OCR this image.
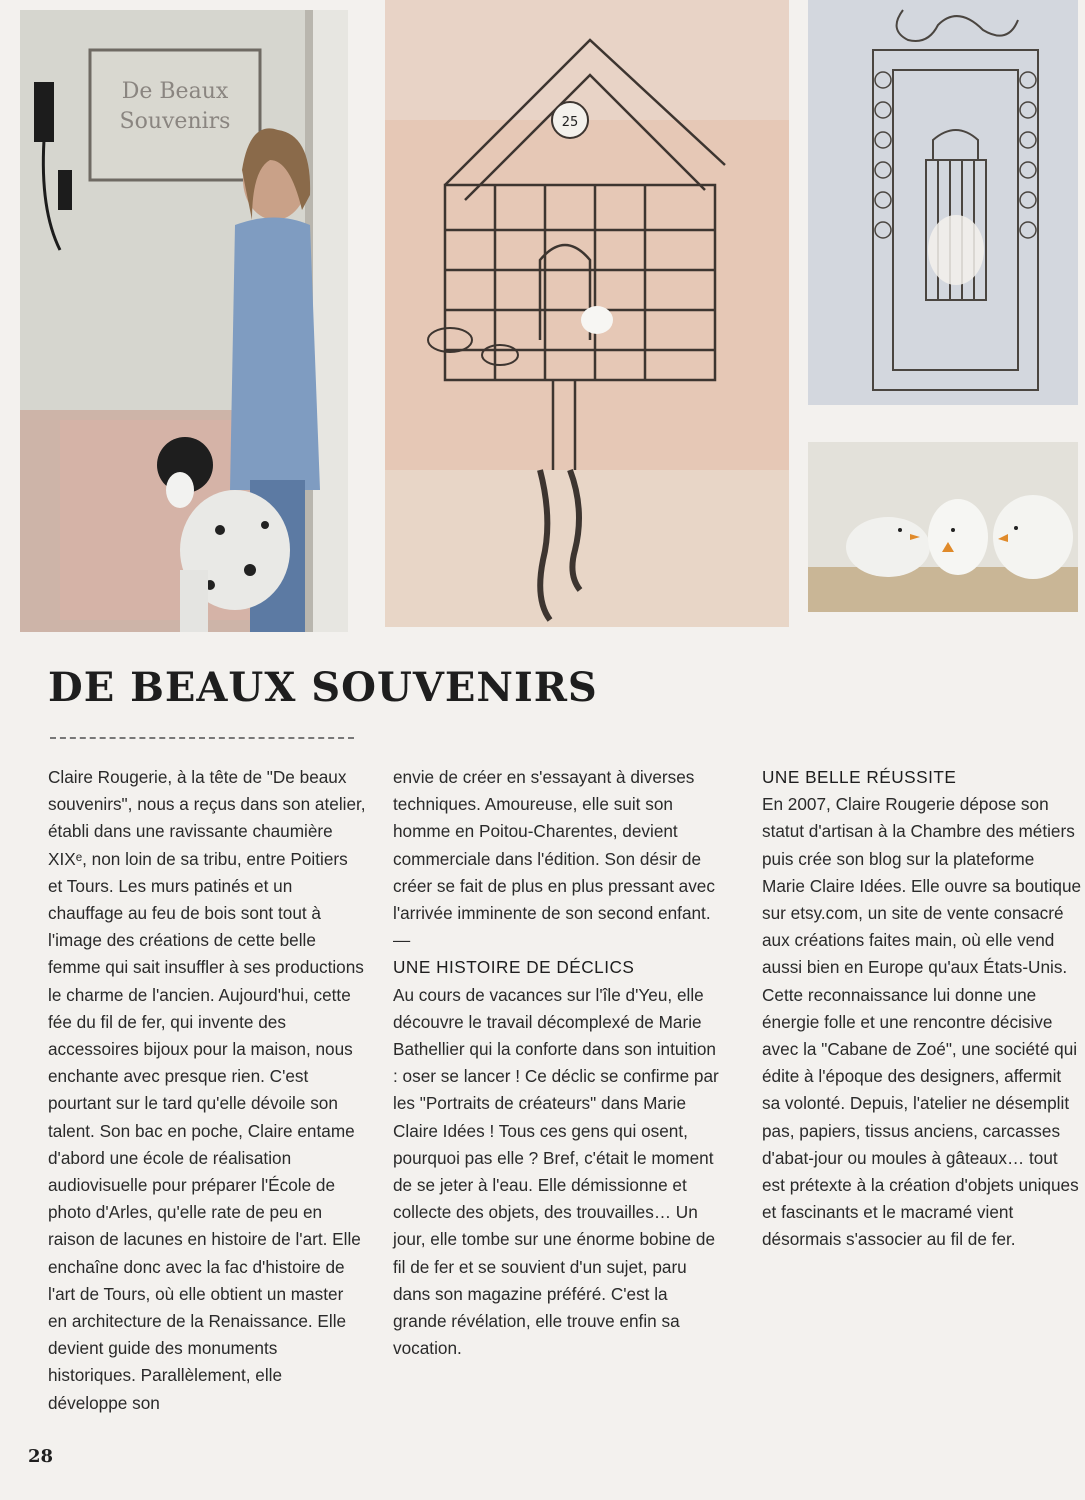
De Beaux
Souvenirs	25
DE BEAUX SOUVENIRS

Claire Rougerie, à la tête de "De beaux souvenirs", nous a reçus dans son atelier, établi dans une ravissante chaumière XIXᵉ, non loin de sa tribu, entre Poitiers et Tours. Les murs patinés et un chauffage au feu de bois sont tout à l'image des créations de cette belle femme qui sait insuffler à ses productions le charme de l'ancien. Aujourd'hui, cette fée du fil de fer, qui invente des accessoires bijoux pour la maison, nous enchante avec presque rien. C'est pourtant sur le tard qu'elle dévoile son talent. Son bac en poche, Claire entame d'abord une école de réalisation audiovisuelle pour préparer l'École de photo d'Arles, qu'elle rate de peu en raison de lacunes en histoire de l'art. Elle enchaîne donc avec la fac d'histoire de l'art de Tours, où elle obtient un master en architecture de la Renaissance. Elle devient guide des monuments historiques. Parallèlement, elle développe son

envie de créer en s'essayant à diverses techniques. Amoureuse, elle suit son homme en Poitou-Charentes, devient commerciale dans l'édition. Son désir de créer se fait de plus en plus pressant avec l'arrivée imminente de son second enfant.

—

UNE HISTOIRE DE DÉCLICS

Au cours de vacances sur l'île d'Yeu, elle découvre le travail décomplexé de Marie Bathellier qui la conforte dans son intuition : oser se lancer ! Ce déclic se confirme par les "Portraits de créateurs" dans Marie Claire Idées ! Tous ces gens qui osent, pourquoi pas elle ? Bref, c'était le moment de se jeter à l'eau. Elle démissionne et collecte des objets, des trouvailles… Un jour, elle tombe sur une énorme bobine de fil de fer et se souvient d'un sujet, paru dans son magazine préféré. C'est la grande révélation, elle trouve enfin sa vocation.

UNE BELLE RÉUSSITE

En 2007, Claire Rougerie dépose son statut d'artisan à la Chambre des métiers puis crée son blog sur la plateforme Marie Claire Idées. Elle ouvre sa boutique sur etsy.com, un site de vente consacré aux créations faites main, où elle vend aussi bien en Europe qu'aux États-Unis. Cette reconnaissance lui donne une énergie folle et une rencontre décisive avec la "Cabane de Zoé", une société qui édite à l'époque des designers, affermit sa volonté. Depuis, l'atelier ne désemplit pas, papiers, tissus anciens, carcasses d'abat-jour ou moules à gâteaux… tout est prétexte à la création d'objets uniques et fascinants et le macramé vient désormais s'associer au fil de fer.

28
